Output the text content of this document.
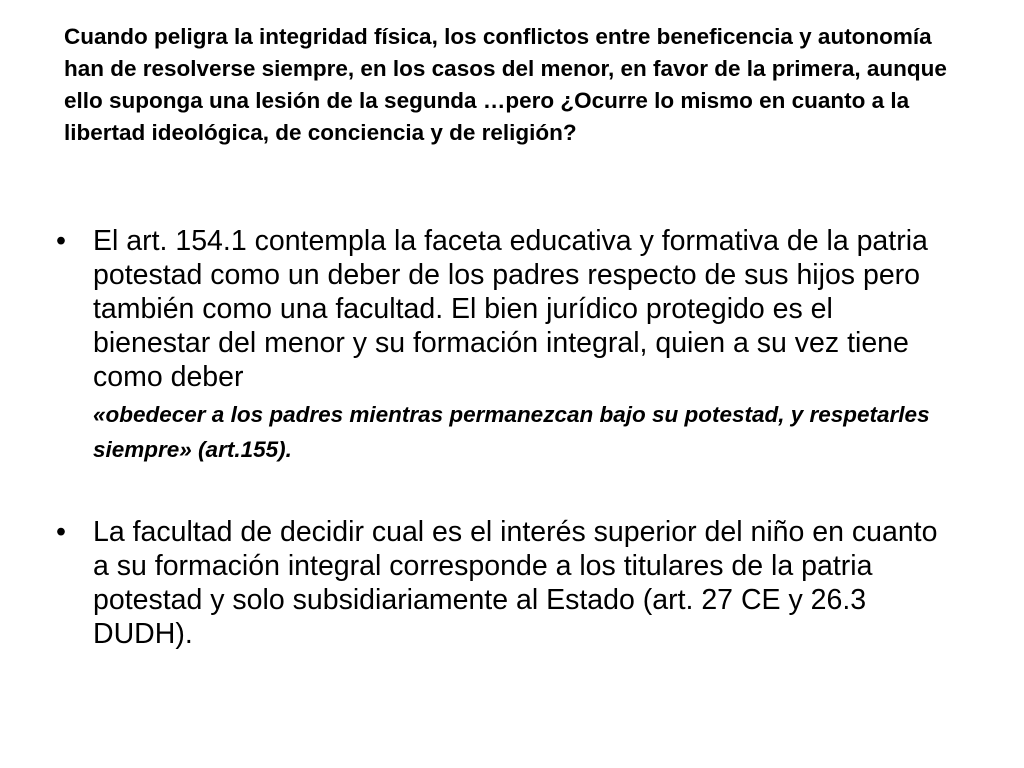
Cuando peligra la integridad física, los conflictos entre beneficencia y autonomía han de resolverse siempre, en los casos del menor, en favor de la primera, aunque ello suponga una lesión de la segunda …pero ¿Ocurre lo mismo en cuanto a la libertad ideológica, de conciencia y de religión?

• El art. 154.1 contempla la faceta educativa y formativa de la patria potestad como un deber de los padres respecto de sus hijos pero también como una facultad. El bien jurídico protegido es el bienestar del menor y su formación integral, quien a su vez tiene como deber
«obedecer a los padres mientras permanezcan bajo su potestad, y respetarles siempre» (art.155).
• La facultad de decidir cual es el interés superior del niño en cuanto a su formación integral corresponde a los titulares de la patria potestad y solo subsidiariamente al Estado (art. 27 CE y 26.3 DUDH).
